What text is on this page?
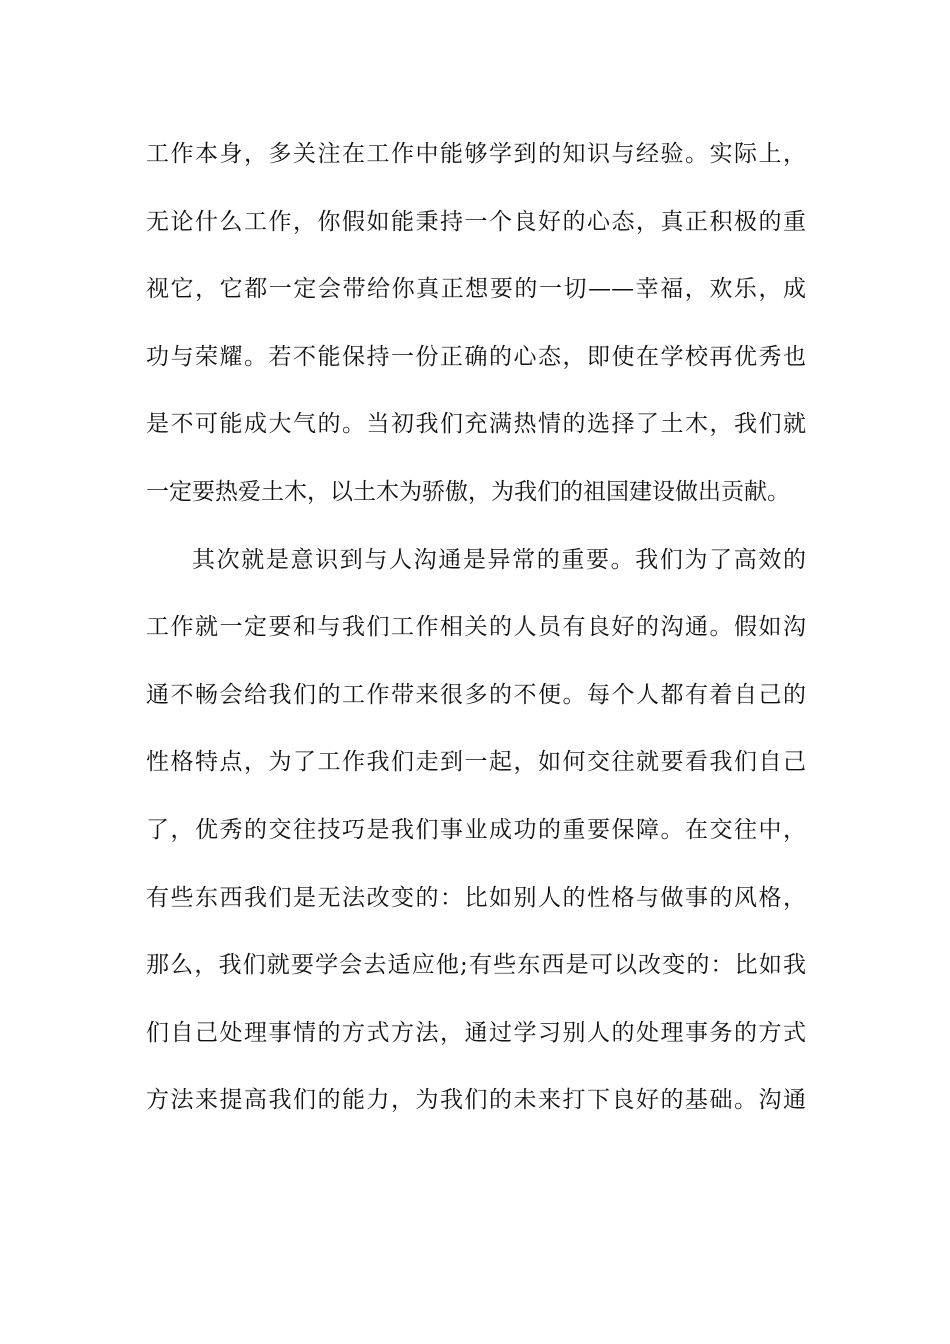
工作本身，多关注在工作中能够学到的知识与经验。实际上，
无论什么工作，你假如能秉持一个良好的心态，真正积极的重
视它，它都一定会带给你真正想要的一切——幸福，欢乐，成
功与荣耀。若不能保持一份正确的心态，即使在学校再优秀也
是不可能成大气的。当初我们充满热情的选择了土木，我们就
一定要热爱土木，以土木为骄傲，为我们的祖国建设做出贡献。
其次就是意识到与人沟通是异常的重要。我们为了高效的
工作就一定要和与我们工作相关的人员有良好的沟通。假如沟
通不畅会给我们的工作带来很多的不便。每个人都有着自己的
性格特点，为了工作我们走到一起，如何交往就要看我们自己
了，优秀的交往技巧是我们事业成功的重要保障。在交往中，
有些东西我们是无法改变的：比如别人的性格与做事的风格，
那么，我们就要学会去适应他;有些东西是可以改变的：比如我
们自己处理事情的方式方法，通过学习别人的处理事务的方式
方法来提高我们的能力，为我们的未来打下良好的基础。沟通
